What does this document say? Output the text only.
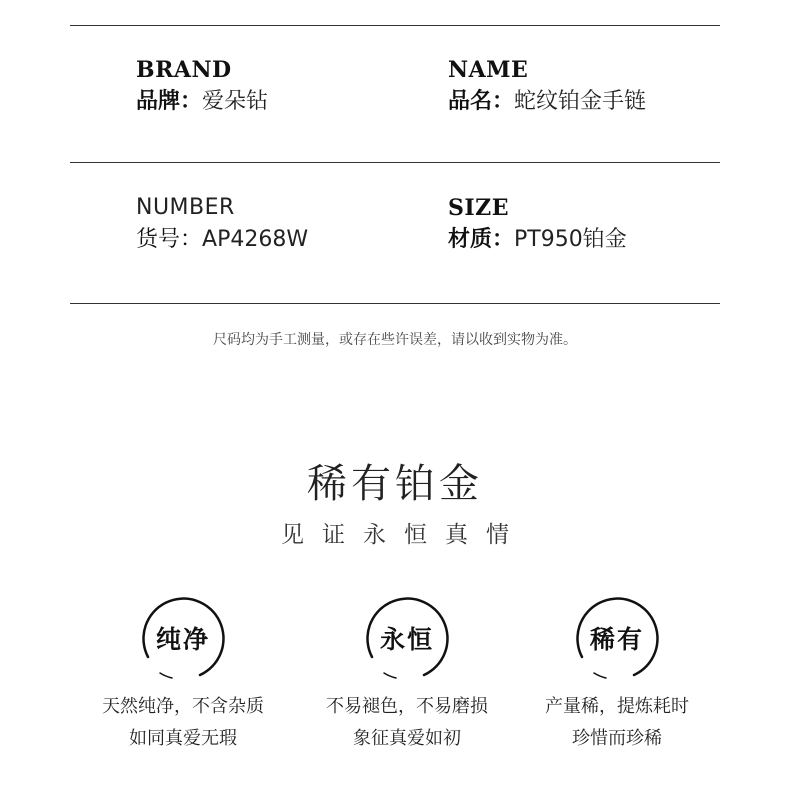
BRAND
品牌：爱朵钻
NAME
品名：蛇纹铂金手链
NUMBER
货号：AP4268W
SIZE
材质：PT950铂金
尺码均为手工测量，或存在些许误差，请以收到实物为准。
稀有铂金
见证永恒真情
纯净
天然纯净，不含杂质
如同真爱无瑕
永恒
不易褪色，不易磨损
象征真爱如初
稀有
产量稀，提炼耗时
珍惜而珍稀
